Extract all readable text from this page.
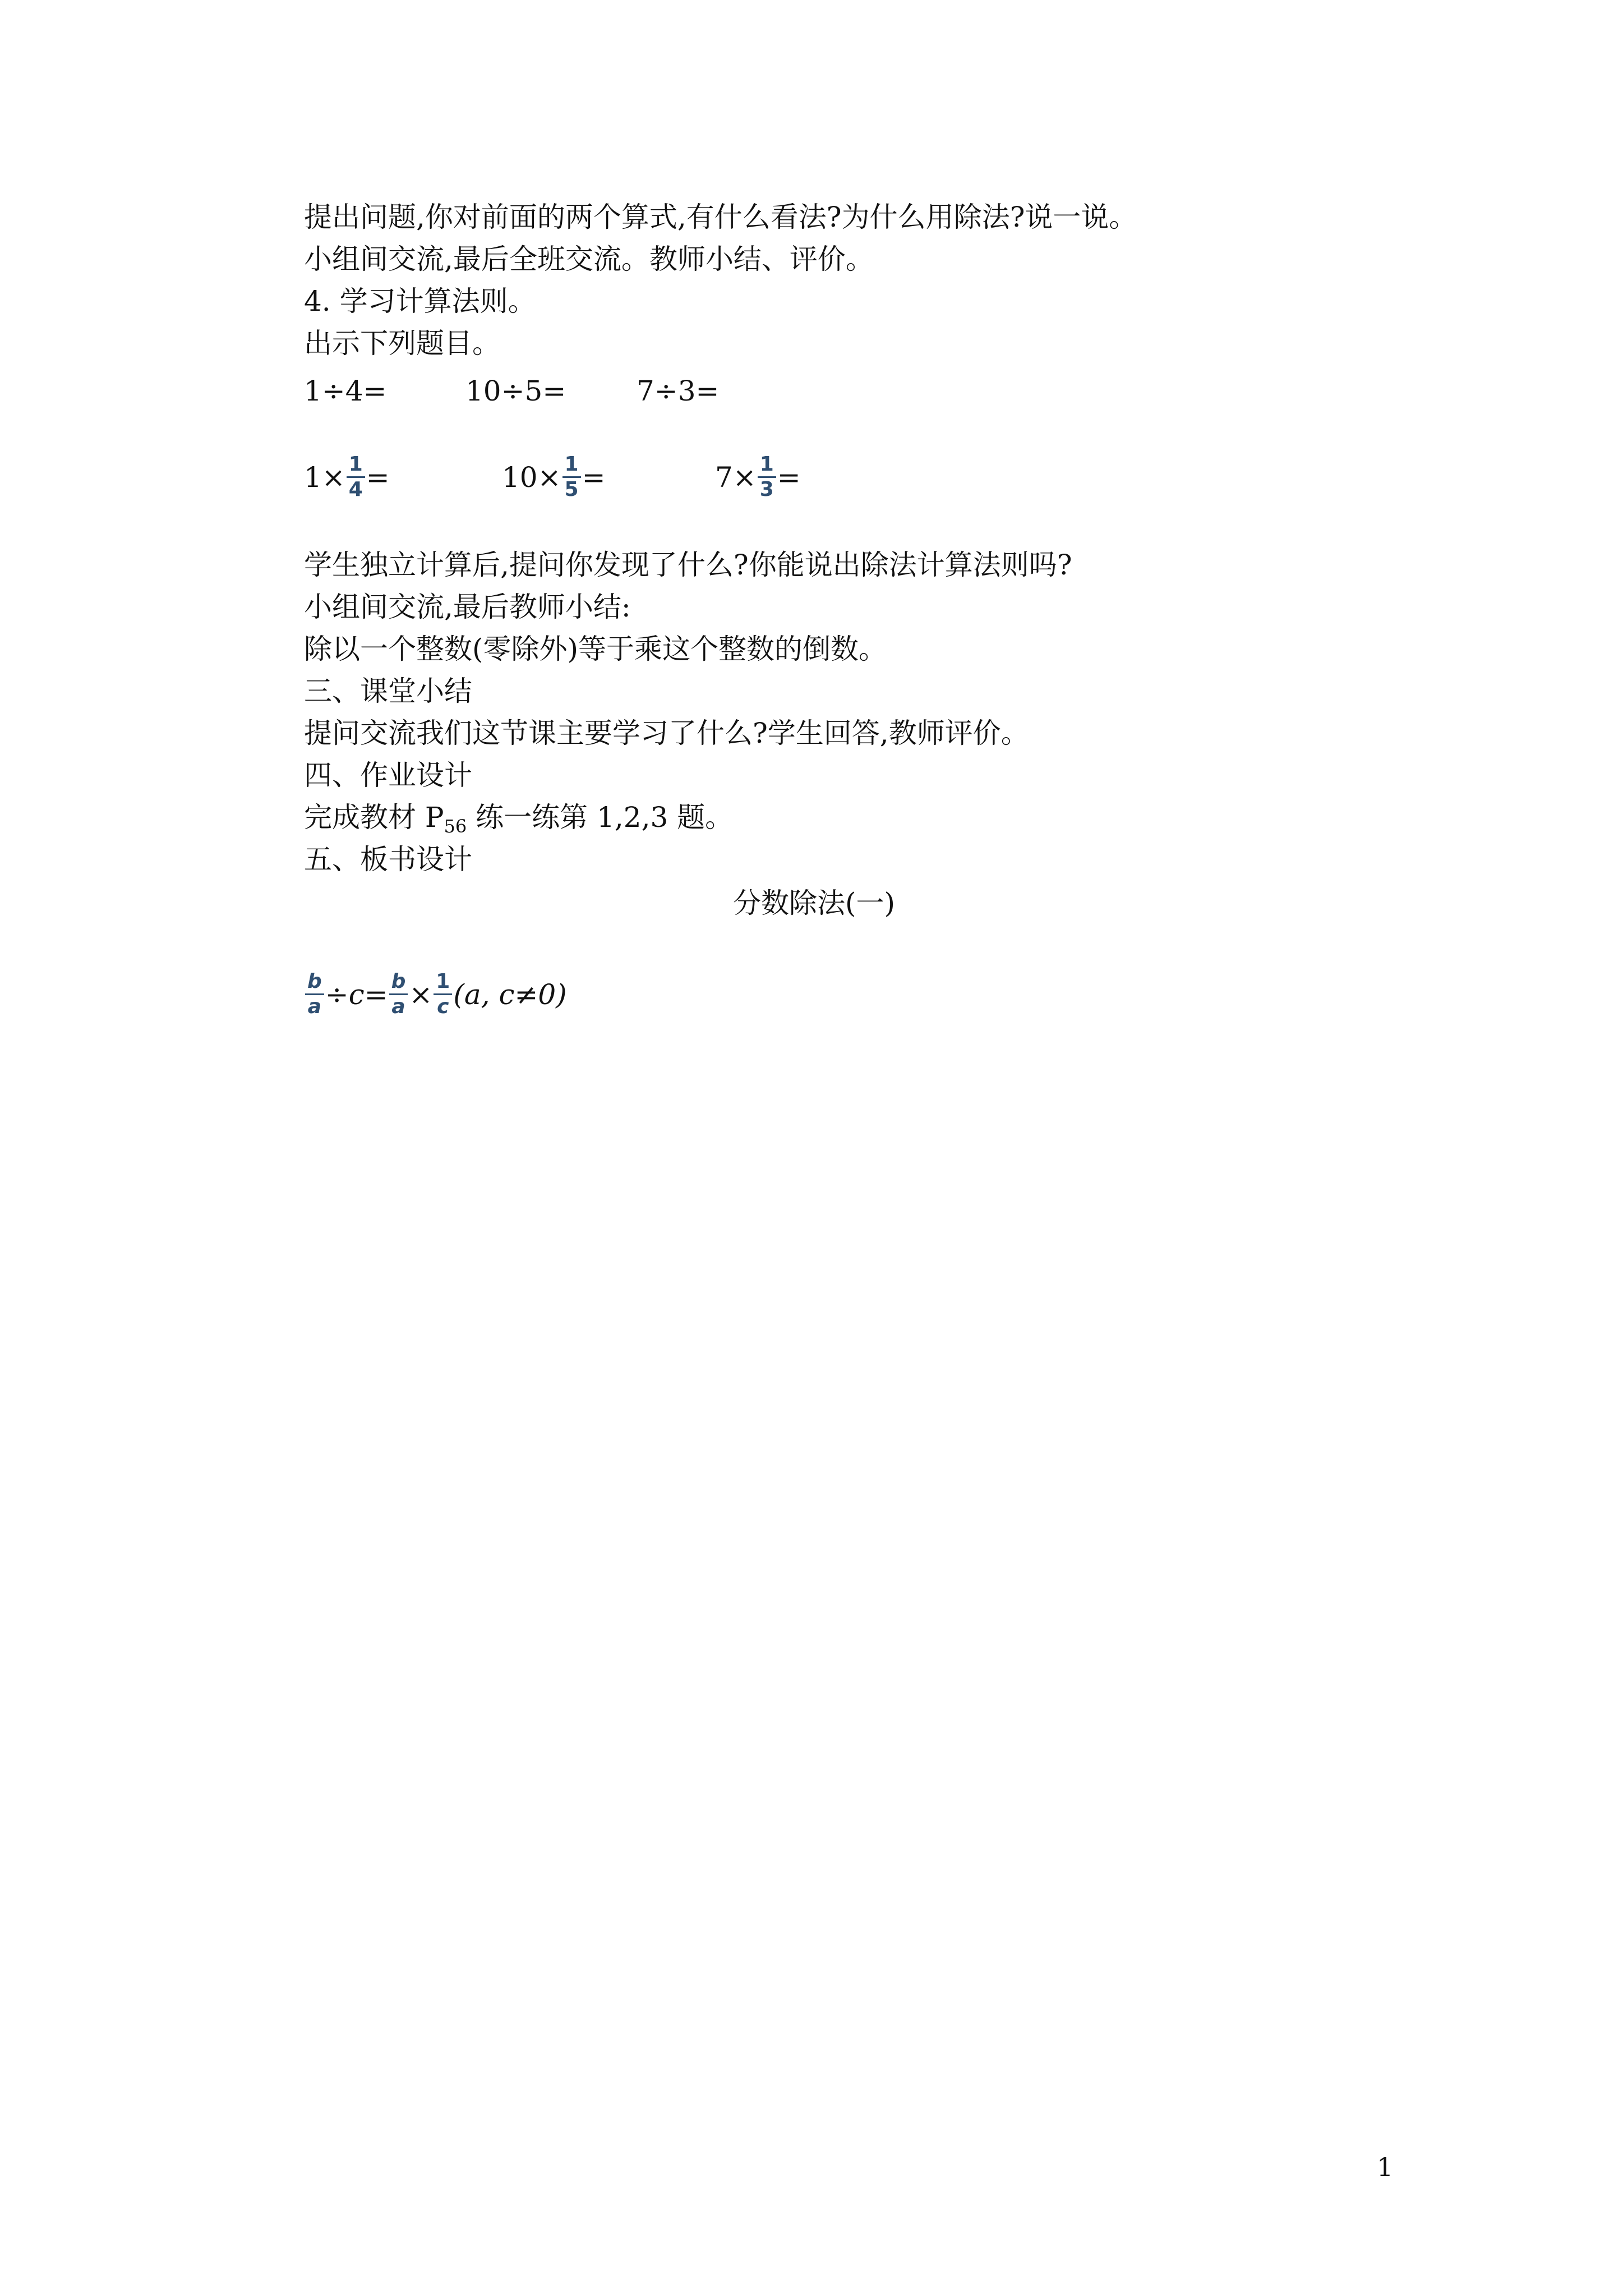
提出问题,你对前面的两个算式,有什么看法?为什么用除法?说一说。
小组间交流,最后全班交流。教师小结、评价。
4. 学习计算法则。
出示下列题目。
1÷4=	10÷5=	7÷3=
$1\times \frac{1}{4}$ =	$10\times \frac{1}{5}$ =	$7\times \frac{1}{3}$ =
学生独立计算后,提问你发现了什么?你能说出除法计算法则吗?
小组间交流,最后教师小结:
除以一个整数(零除外)等于乘这个整数的倒数。
三、课堂小结
提问交流我们这节课主要学习了什么?学生回答,教师评价。
四、作业设计
完成教材 $P_{56}$ 练一练第 1,2,3 题。
五、板书设计
分数除法(一)
$\frac{b}{a} \div c= \frac{b}{a} \times \frac{1}{c} (a$, c≠0)
1
